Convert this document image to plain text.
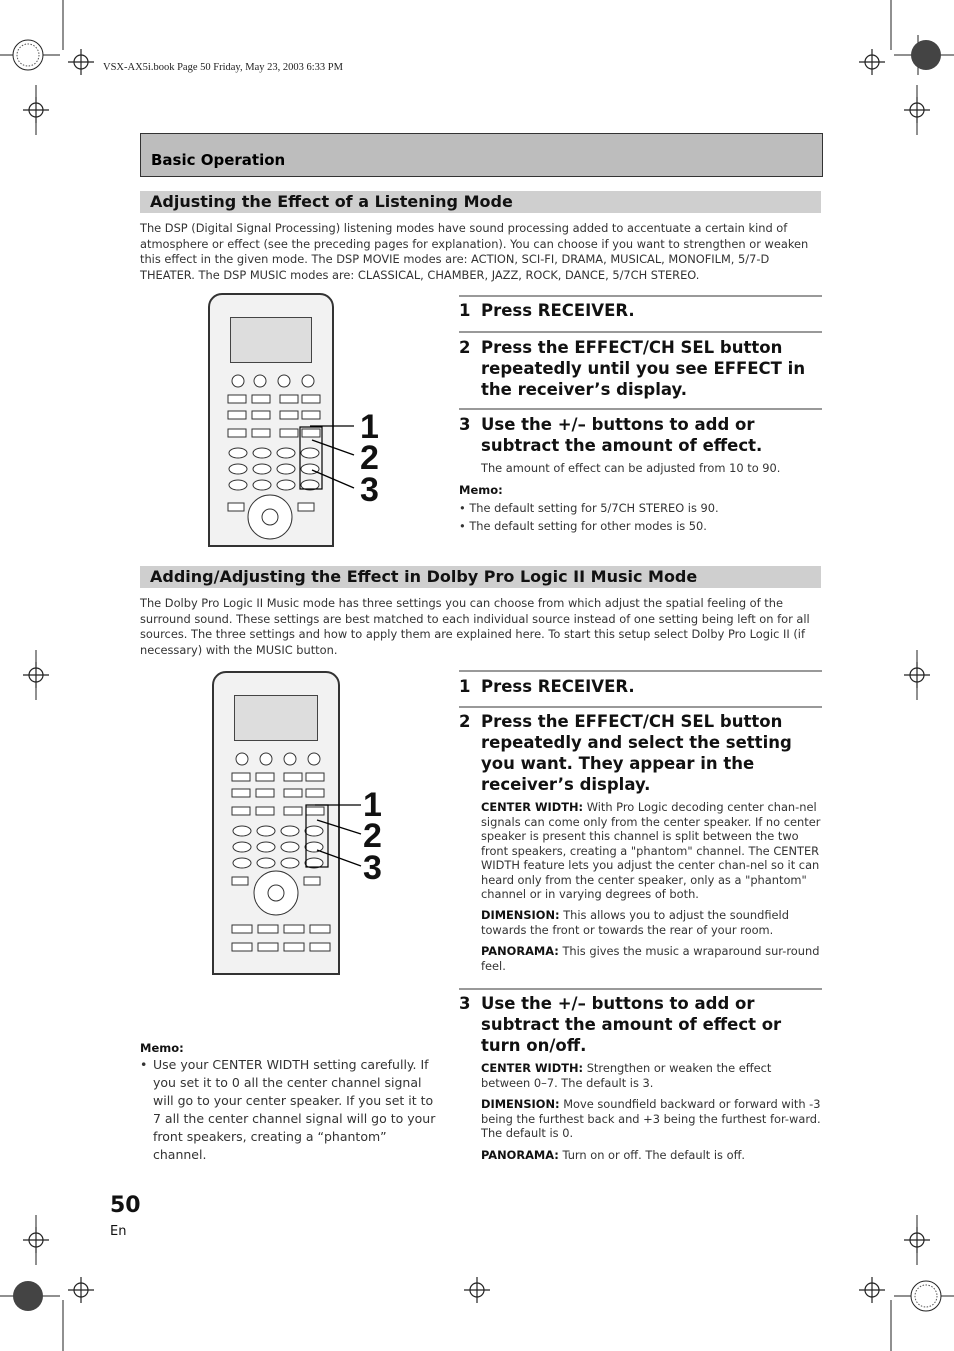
VSX-AX5i.book Page 50 Friday, May 23, 2003 6:33 PM
Basic Operation
Adjusting the Effect of a Listening Mode
The DSP (Digital Signal Processing) listening modes have sound processing added to accentuate a certain kind of atmosphere or effect (see the preceding pages for explanation). You can choose if you want to strengthen or weaken this effect in the given mode. The DSP MOVIE modes are: ACTION, SCI-FI, DRAMA, MUSICAL, MONOFILM, 5/7-D THEATER. The DSP MUSIC modes are: CLASSICAL, CHAMBER, JAZZ, ROCK, DANCE, 5/7CH STEREO.
1
2
3
1 Press RECEIVER.
2 Press the EFFECT/CH SEL button repeatedly until you see EFFECT in the receiver’s display.
3 Use the +/– buttons to add or subtract the amount of effect.
The amount of effect can be adjusted from 10 to 90.
Memo:
• The default setting for 5/7CH STEREO is 90.
• The default setting for other modes is 50.
Adding/Adjusting the Effect in Dolby Pro Logic II Music Mode
The Dolby Pro Logic II Music mode has three settings you can choose from which adjust the spatial feeling of the surround sound. These settings are best matched to each individual source instead of one setting being left on for all sources. The three settings and how to apply them are explained here. To start this setup select Dolby Pro Logic II (if necessary) with the MUSIC button.
1
2
3
Memo:
• Use your CENTER WIDTH setting carefully. If you set it to 0 all the center channel signal will go to your center speaker. If you set it to 7 all the center channel signal will go to your front speakers, creating a “phantom” channel.
1 Press RECEIVER.
2 Press the EFFECT/CH SEL button repeatedly and select the setting you want. They appear in the receiver’s display.
CENTER WIDTH: With Pro Logic decoding center chan-nel signals can come only from the center speaker. If no center speaker is present this channel is split between the two front speakers, creating a "phantom" channel. The CENTER WIDTH feature lets you adjust the center chan-nel so it can heard only from the center speaker, only as a "phantom" channel or in varying degrees of both.
DIMENSION: This allows you to adjust the soundfield towards the front or towards the rear of your room.
PANORAMA: This gives the music a wraparound sur-round feel.
3 Use the +/– buttons to add or subtract the amount of effect or turn on/off.
CENTER WIDTH: Strengthen or weaken the effect between 0–7. The default is 3.
DIMENSION: Move soundfield backward or forward with -3 being the furthest back and +3 being the furthest for-ward. The default is 0.
PANORAMA: Turn on or off. The default is off.
50
En
